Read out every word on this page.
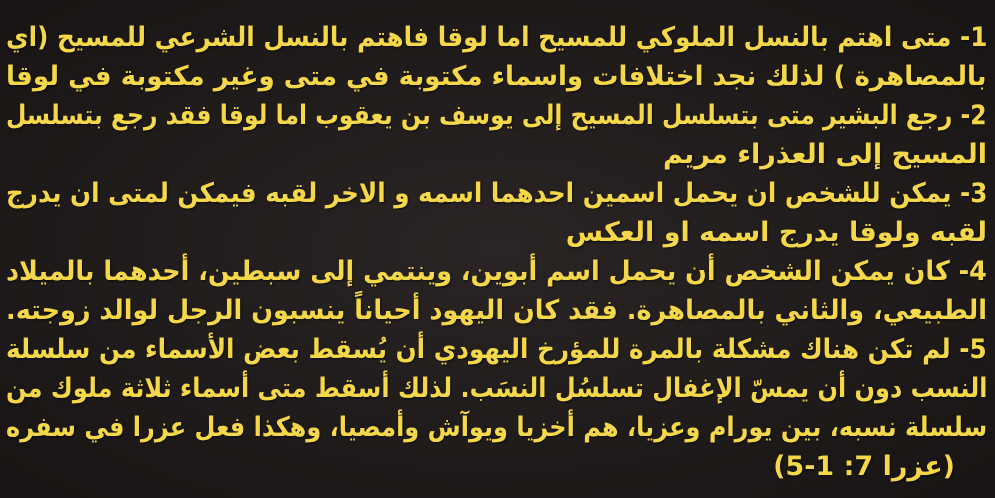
1- متى اهتم بالنسل الملوكي للمسيح اما لوقا فاهتم بالنسل الشرعي للمسيح (اي
بالمصاهرة ) لذلك نجد اختلافات واسماء مكتوبة في متى وغير مكتوبة في لوقا
2- رجع البشير متى بتسلسل المسيح إلى يوسف بن يعقوب اما لوقا فقد رجع بتسلسل
المسيح إلى العذراء مريم
3- يمكن للشخص ان يحمل اسمين احدهما اسمه و الاخر لقبه فيمكن لمتى ان يدرج
لقبه ولوقا يدرج اسمه او العكس
4- كان يمكن الشخص أن يحمل اسم أبوين، وينتمي إلى سبطين، أحدهما بالميلاد
الطبيعي، والثاني بالمصاهرة. فقد كان اليهود أحياناً ينسبون الرجل لوالد زوجته.
5- لم تكن هناك مشكلة بالمرة للمؤرخ اليهودي أن يُسقط بعض الأسماء من سلسلة
النسب دون أن يمسّ الإغفال تسلسُل النسَب. لذلك أسقط متى أسماء ثلاثة ملوك من
سلسلة نسبه، بين يورام وعزيا، هم أخزيا ويوآش وأمصيا، وهكذا فعل عزرا في سفره
(عزرا 7: 1-5)
